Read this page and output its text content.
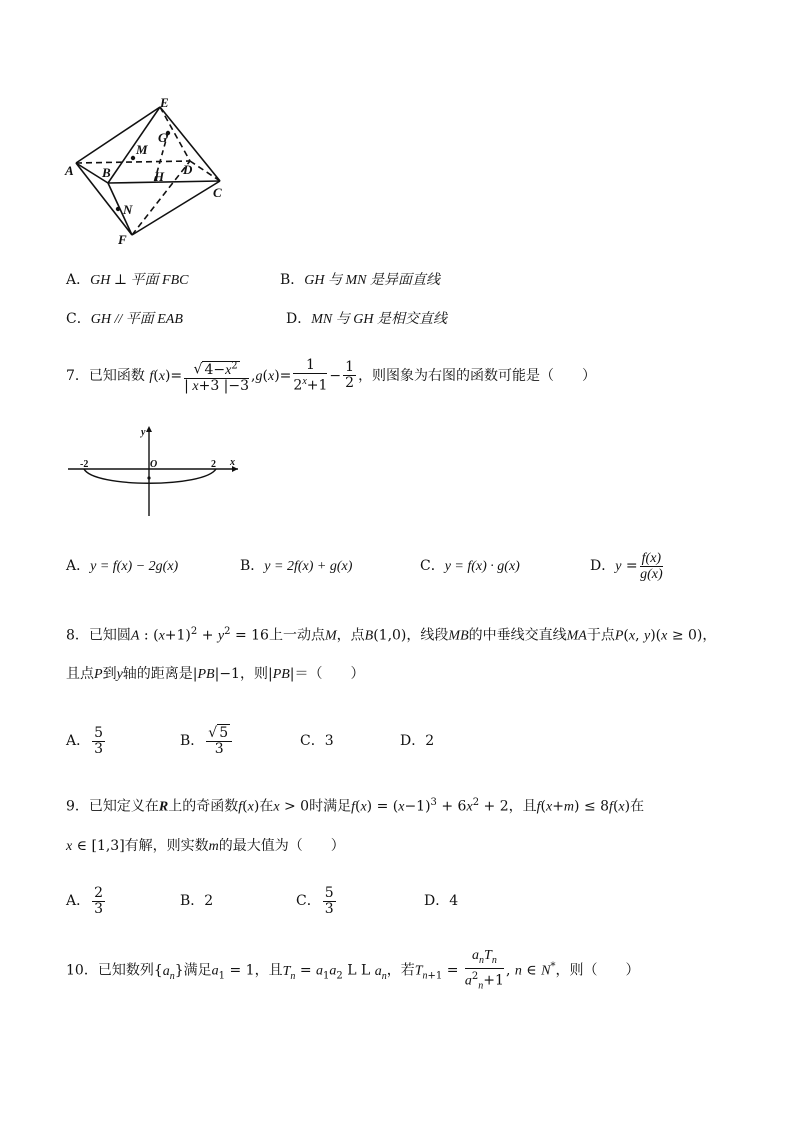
E
G
M
D
A B	H
C
N
F
A．GH ⊥ 平面 FBC	B．GH 与 MN 是异面直线
C．GH // 平面 EAB	D．MN 与 GH 是相交直线
7．已知函数 $f(x)= \frac{√ 4-x^2}{| x+3 |-3} ,g(x)= \frac{1}{2^x+1} - \frac{1}{2}$ ，则图象为右图的函数可能是（　　）
y
O	x
-2	2
A．y = f(x) − 2g(x)	B．y = 2f(x) + g(x)	C．y = f(x) · g(x)	D．$y = \frac{f(x)}{g(x)}$
8．已知圆A : $(x+1)^2 + y^2 = 16$上一动点M，点B(1,0)，线段MB的中垂线交直线MA于点P(x, y)(x ≥ 0)，
且点P到y轴的距离是|PB|−1，则|PB|＝（　　）
A． $\frac{5}{3}$	B． $\frac{√ 5}{3}$	C．3	D．2
9．已知定义在R上的奇函数f(x)在x > 0时满足$f(x) = (x-1)^3 + 6x^2 + 2$，且f(x+m) ≤ 8f(x)在
x ∈ [1,3]有解，则实数m的最大值为（　　）
A． $\frac{2}{3}$	B．2	C． $\frac{5}{3}$	D．4
10．已知数列$\{a_n\}$满足$a_1 = 1$，且$T_n = a_1a_2$ L L $a_n$，若$T_{n+1} = \frac{a_nT_n}{a^2_n+1}$ , n ∈ N*，则（　　）
